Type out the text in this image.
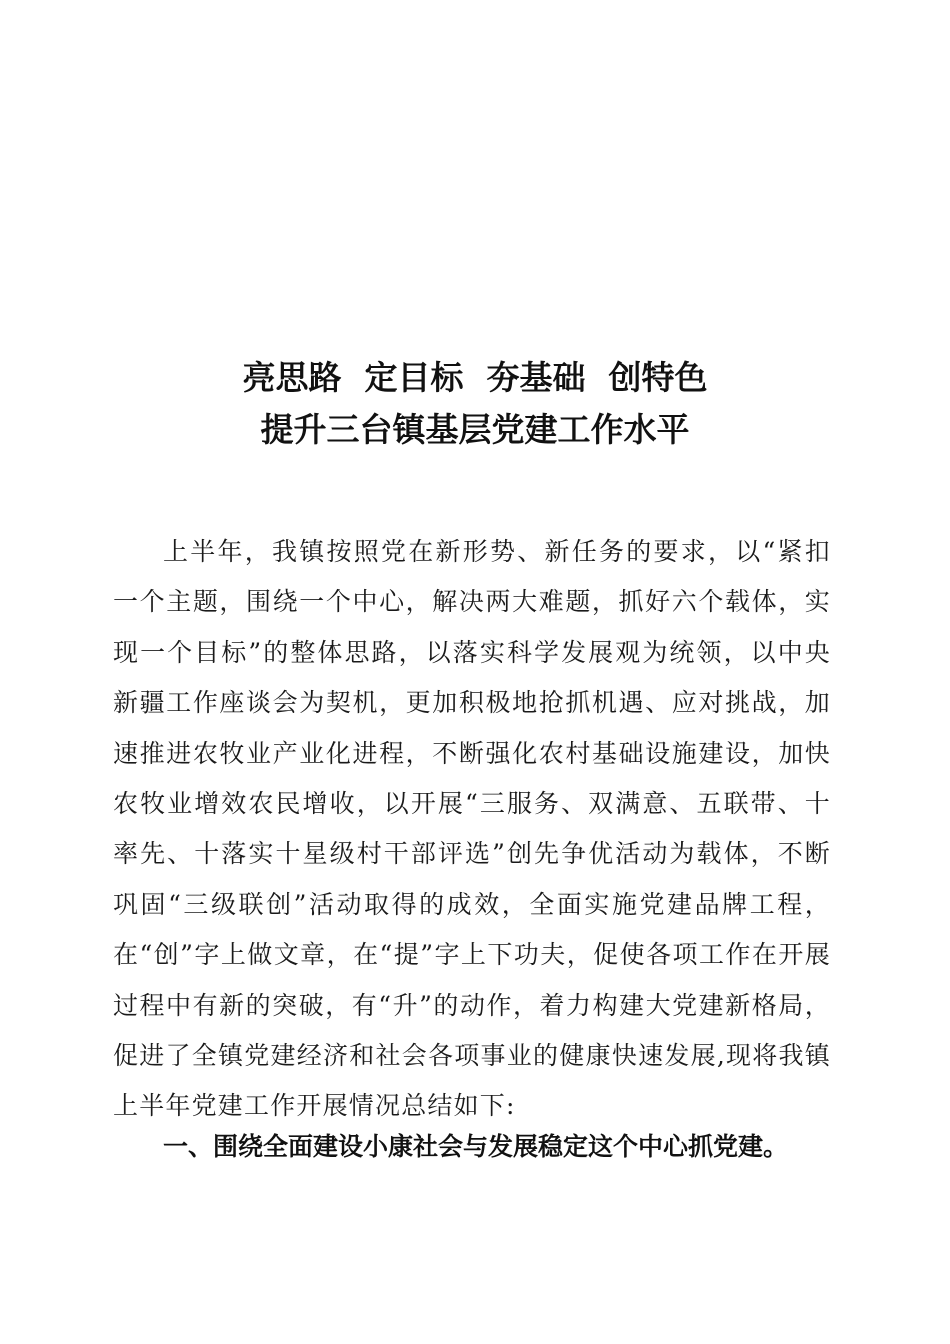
亮思路  定目标  夯基础  创特色
提升三台镇基层党建工作水平

上半年，我镇按照党在新形势、新任务的要求，以“紧扣一个主题，围绕一个中心，解决两大难题，抓好六个载体，实现一个目标”的整体思路，以落实科学发展观为统领，以中央新疆工作座谈会为契机，更加积极地抢抓机遇、应对挑战，加速推进农牧业产业化进程，不断强化农村基础设施建设，加快农牧业增效农民增收，以开展“三服务、双满意、五联带、十率先、十落实十星级村干部评选”创先争优活动为载体，不断巩固“三级联创”活动取得的成效，全面实施党建品牌工程，在“创”字上做文章，在“提”字上下功夫，促使各项工作在开展过程中有新的突破，有“升”的动作，着力构建大党建新格局，促进了全镇党建经济和社会各项事业的健康快速发展,现将我镇上半年党建工作开展情况总结如下:

一、围绕全面建设小康社会与发展稳定这个中心抓党建。
